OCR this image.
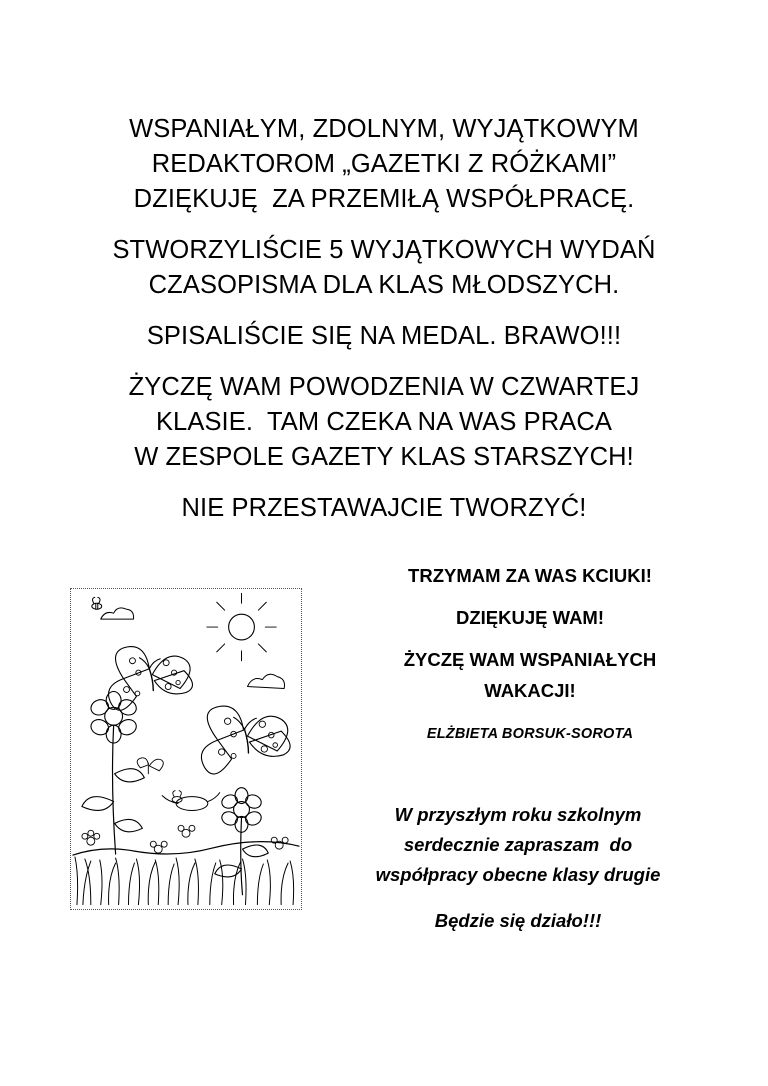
WSPANIAŁYM, ZDOLNYM, WYJĄTKOWYM
REDAKTOROM „GAZETKI Z RÓŻKAMI”
DZIĘKUJĘ  ZA PRZEMIŁĄ WSPÓŁPRACĘ.
STWORZYLIŚCIE 5 WYJĄTKOWYCH WYDAŃ
CZASOPISMA DLA KLAS MŁODSZYCH.
SPISALIŚCIE SIĘ NA MEDAL. BRAWO!!!
ŻYCZĘ WAM POWODZENIA W CZWARTEJ
KLASIE.  TAM CZEKA NA WAS PRACA
W ZESPOLE GAZETY KLAS STARSZYCH!
NIE PRZESTAWAJCIE TWORZYĆ!
TRZYMAM ZA WAS KCIUKI!
DZIĘKUJĘ WAM!
ŻYCZĘ WAM WSPANIAŁYCH
WAKACJI!
ELŻBIETA BORSUK-SOROTA
W przyszłym roku szkolnym
serdecznie zapraszam  do
współpracy obecne klasy drugie
Będzie się działo!!!
